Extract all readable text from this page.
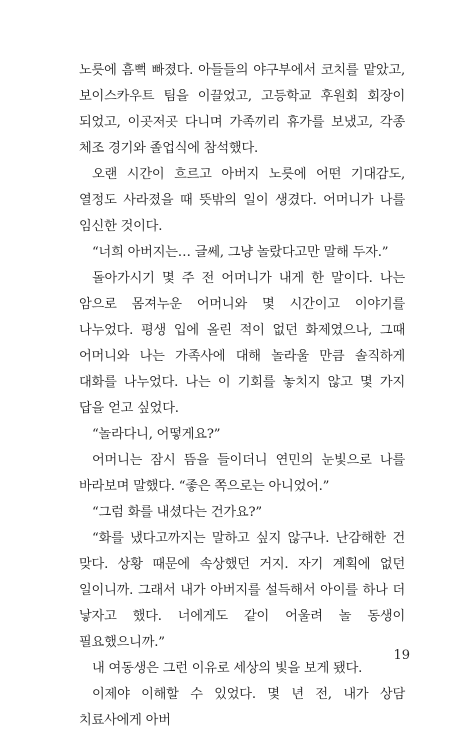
노릇에 흠뻑 빠졌다. 아들들의 야구부에서 코치를 맡았고, 보이스카우트 팀을 이끌었고, 고등학교 후원회 회장이 되었고, 이곳저곳 다니며 가족끼리 휴가를 보냈고, 각종 체조 경기와 졸업식에 참석했다.

오랜 시간이 흐르고 아버지 노릇에 어떤 기대감도, 열정도 사라졌을 때 뜻밖의 일이 생겼다. 어머니가 나를 임신한 것이다.

“너희 아버지는… 글쎄, 그냥 놀랐다고만 말해 두자.”

돌아가시기 몇 주 전 어머니가 내게 한 말이다. 나는 암으로 몸져누운 어머니와 몇 시간이고 이야기를 나누었다. 평생 입에 올린 적이 없던 화제였으나, 그때 어머니와 나는 가족사에 대해 놀라울 만큼 솔직하게 대화를 나누었다. 나는 이 기회를 놓치지 않고 몇 가지 답을 얻고 싶었다.

“놀라다니, 어떻게요?”

어머니는 잠시 뜸을 들이더니 연민의 눈빛으로 나를 바라보며 말했다. “좋은 쪽으로는 아니었어.”

“그럼 화를 내셨다는 건가요?”

“화를 냈다고까지는 말하고 싶지 않구나. 난감해한 건 맞다. 상황 때문에 속상했던 거지. 자기 계획에 없던 일이니까. 그래서 내가 아버지를 설득해서 아이를 하나 더 낳자고 했다. 너에게도 같이 어울려 놀 동생이 필요했으니까.”

내 여동생은 그런 이유로 세상의 빛을 보게 됐다.

이제야 이해할 수 있었다. 몇 년 전, 내가 상담 치료사에게 아버

19
